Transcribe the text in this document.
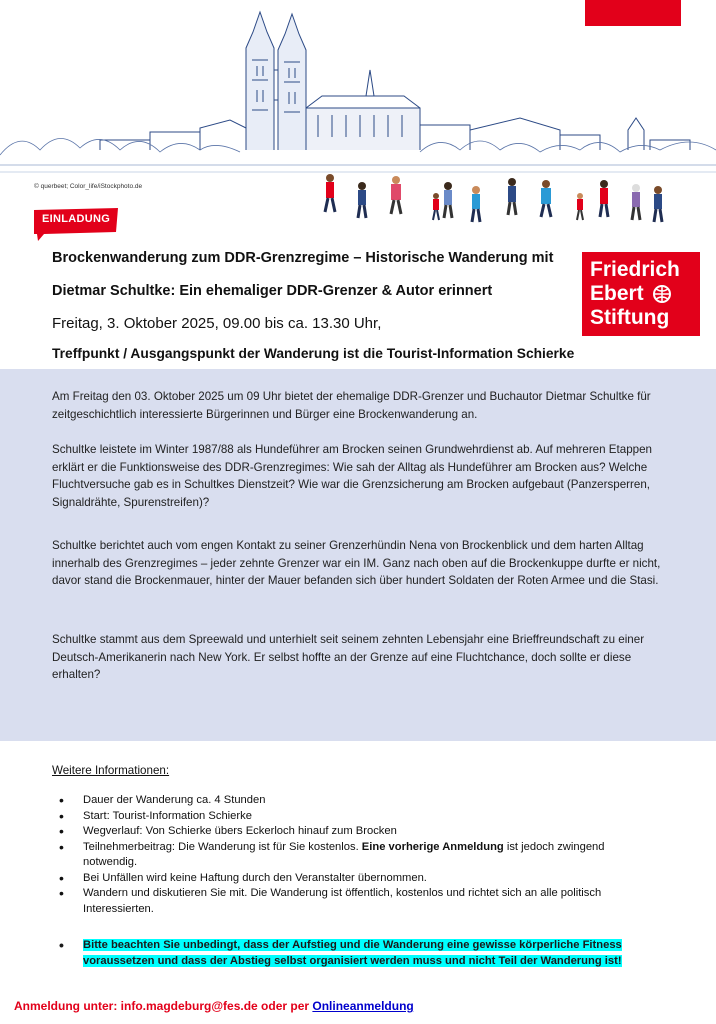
© querbeet; Color_life/iStockphoto.de
EINLADUNG
Brockenwanderung zum DDR-Grenzregime – Historische Wanderung mit
Dietmar Schultke: Ein ehemaliger DDR-Grenzer & Autor erinnert
Freitag, 3. Oktober 2025, 09.00 bis ca. 13.30 Uhr,
Treffpunkt / Ausgangspunkt der Wanderung ist die Tourist-Information Schierke
Friedrich
Ebert
Stiftung

Am Freitag den 03. Oktober 2025 um 09 Uhr bietet der ehemalige DDR-Grenzer und Buchautor Dietmar Schultke für zeitgeschichtlich interessierte Bürgerinnen und Bürger eine Brockenwanderung an.

Schultke leistete im Winter 1987/88 als Hundeführer am Brocken seinen Grundwehrdienst ab. Auf mehreren Etappen erklärt er die Funktionsweise des DDR-Grenzregimes: Wie sah der Alltag als Hundeführer am Brocken aus? Welche Fluchtversuche gab es in Schultkes Dienstzeit? Wie war die Grenzsicherung am Brocken aufgebaut (Panzersperren, Signaldrähte, Spurenstreifen)?

Schultke berichtet auch vom engen Kontakt zu seiner Grenzerhündin Nena von Brockenblick und dem harten Alltag innerhalb des Grenzregimes – jeder zehnte Grenzer war ein IM. Ganz nach oben auf die Brockenkuppe durfte er nicht, davor stand die Brockenmauer, hinter der Mauer befanden sich über hundert Soldaten der Roten Armee und die Stasi.

Schultke stammt aus dem Spreewald und unterhielt seit seinem zehnten Lebensjahr eine Brieffreundschaft zu einer Deutsch-Amerikanerin nach New York. Er selbst hoffte an der Grenze auf eine Fluchtchance, doch sollte er diese erhalten?

Weitere Informationen:
• Dauer der Wanderung ca. 4 Stunden
• Start: Tourist-Information Schierke
• Wegverlauf: Von Schierke übers Eckerloch hinauf zum Brocken
• Teilnehmerbeitrag: Die Wanderung ist für Sie kostenlos. Eine vorherige Anmeldung ist jedoch zwingend notwendig.
• Bei Unfällen wird keine Haftung durch den Veranstalter übernommen.
• Wandern und diskutieren Sie mit. Die Wanderung ist öffentlich, kostenlos und richtet sich an alle politisch Interessierten.
• Bitte beachten Sie unbedingt, dass der Aufstieg und die Wanderung eine gewisse körperliche Fitness voraussetzen und dass der Abstieg selbst organisiert werden muss und nicht Teil der Wanderung ist!
Anmeldung unter: info.magdeburg@fes.de oder per Onlineanmeldung
